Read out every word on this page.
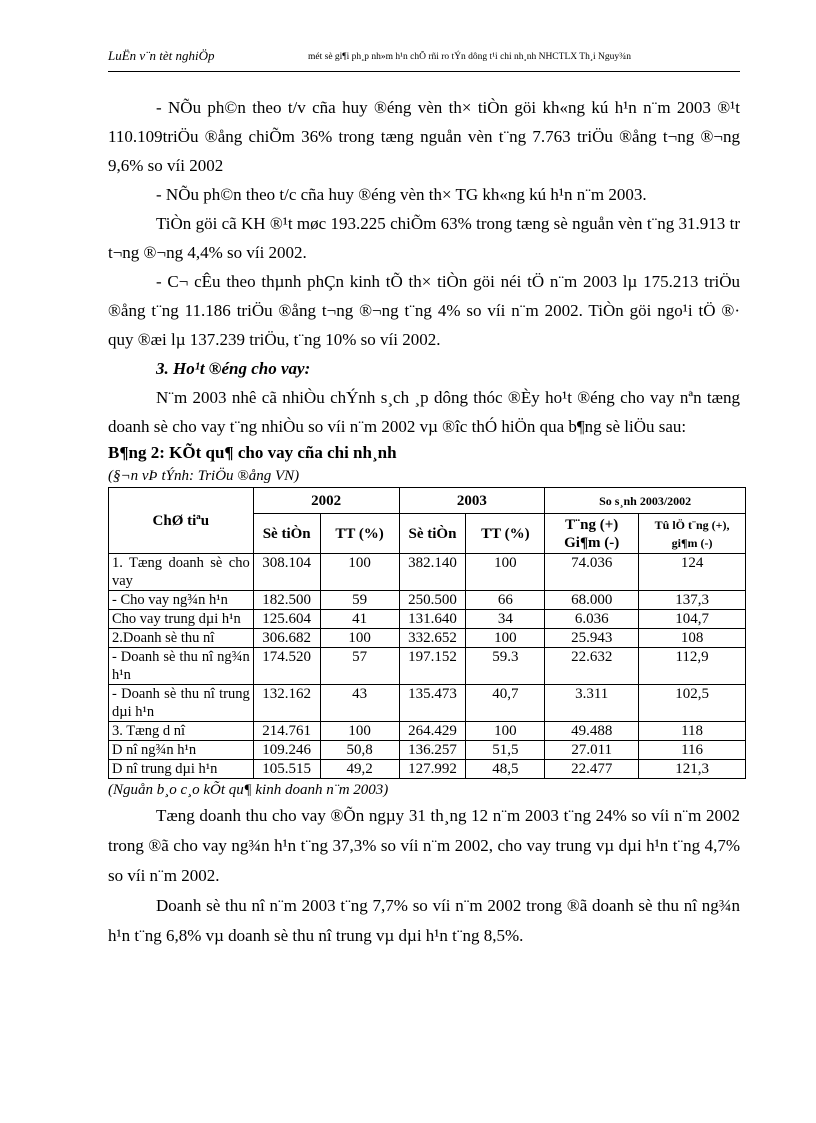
LuËn v¨n tèt nghiÖp	mét sè gi¶i ph¸p nh»m h¹n chÕ rñi ro tÝn dông t¹i chi nh¸nh NHCTLX Th¸i Nguy¾n

- NÕu ph©n theo t/v cña huy ®éng vèn th× tiÒn göi kh«ng kú h¹n n¨m 2003 ®¹t 110.109triÖu ®ång chiÕm 36% trong tæng nguån vèn t¨ng 7.763 triÖu ®ång t¬ng ®¬ng 9,6% so víi 2002

- NÕu ph©n theo t/c cña huy ®éng vèn th× TG kh«ng kú h¹n n¨m 2003.

TiÒn göi cã KH ®¹t møc 193.225 chiÕm 63% trong tæng sè nguån vèn t¨ng 31.913 tr t¬ng ®¬ng 4,4% so víi 2002.

- C¬ cÊu theo thµnh phÇn kinh tÕ th× tiÒn göi néi tÖ n¨m 2003 lµ 175.213 triÖu ®ång t¨ng 11.186 triÖu ®ång t¬ng ®¬ng t¨ng 4% so víi n¨m 2002. TiÒn göi ngo¹i tÖ ®· quy ®æi lµ 137.239 triÖu, t¨ng 10% so víi 2002.

3. Ho¹t ®éng cho vay:

N¨m 2003 nhê cã nhiÒu chÝnh s¸ch ¸p dông thóc ®Èy ho¹t ®éng cho vay nªn tæng doanh sè cho vay t¨ng nhiÒu so víi n¨m 2002 vµ ®îc thÓ hiÖn qua b¶ng sè liÖu sau:

B¶ng 2: KÕt qu¶ cho vay cña chi nh¸nh

(§¬n vÞ tÝnh: TriÖu ®ång VN)

ChØ tiªu	2002		2003		So s¸nh 2003/2002	
	Sè tiÒn	TT (%)	Sè tiÒn	TT (%)	T¨ng (+) Gi¶m (-)	Tû lÖ t¨ng (+), gi¶m (-)
1. Tæng doanh sè cho vay	308.104	100	382.140	100	74.036	124
- Cho vay ng¾n h¹n	182.500	59	250.500	66	68.000	137,3
Cho vay trung dµi h¹n	125.604	41	131.640	34	6.036	104,7
2.Doanh sè thu nî	306.682	100	332.652	100	25.943	108
- Doanh sè thu nî ng¾n h¹n	174.520	57	197.152	59.3	22.632	112,9
- Doanh sè thu nî trung dµi h¹n	132.162	43	135.473	40,7	3.311	102,5
3. Tæng d nî	214.761	100	264.429	100	49.488	118
D nî ng¾n h¹n	109.246	50,8	136.257	51,5	27.011	116
D nî trung dµi h¹n	105.515	49,2	127.992	48,5	22.477	121,3

(Nguån b¸o c¸o kÕt qu¶ kinh doanh n¨m 2003)

Tæng doanh thu cho vay ®Õn ngµy 31 th¸ng 12 n¨m 2003 t¨ng 24% so víi n¨m 2002 trong ®ã cho vay ng¾n h¹n t¨ng 37,3% so víi n¨m 2002, cho vay trung vµ dµi h¹n t¨ng 4,7% so víi n¨m 2002.

Doanh sè thu nî n¨m 2003 t¨ng 7,7% so víi n¨m 2002 trong ®ã doanh sè thu nî ng¾n h¹n t¨ng 6,8% vµ doanh sè thu nî trung vµ dµi h¹n t¨ng 8,5%.
